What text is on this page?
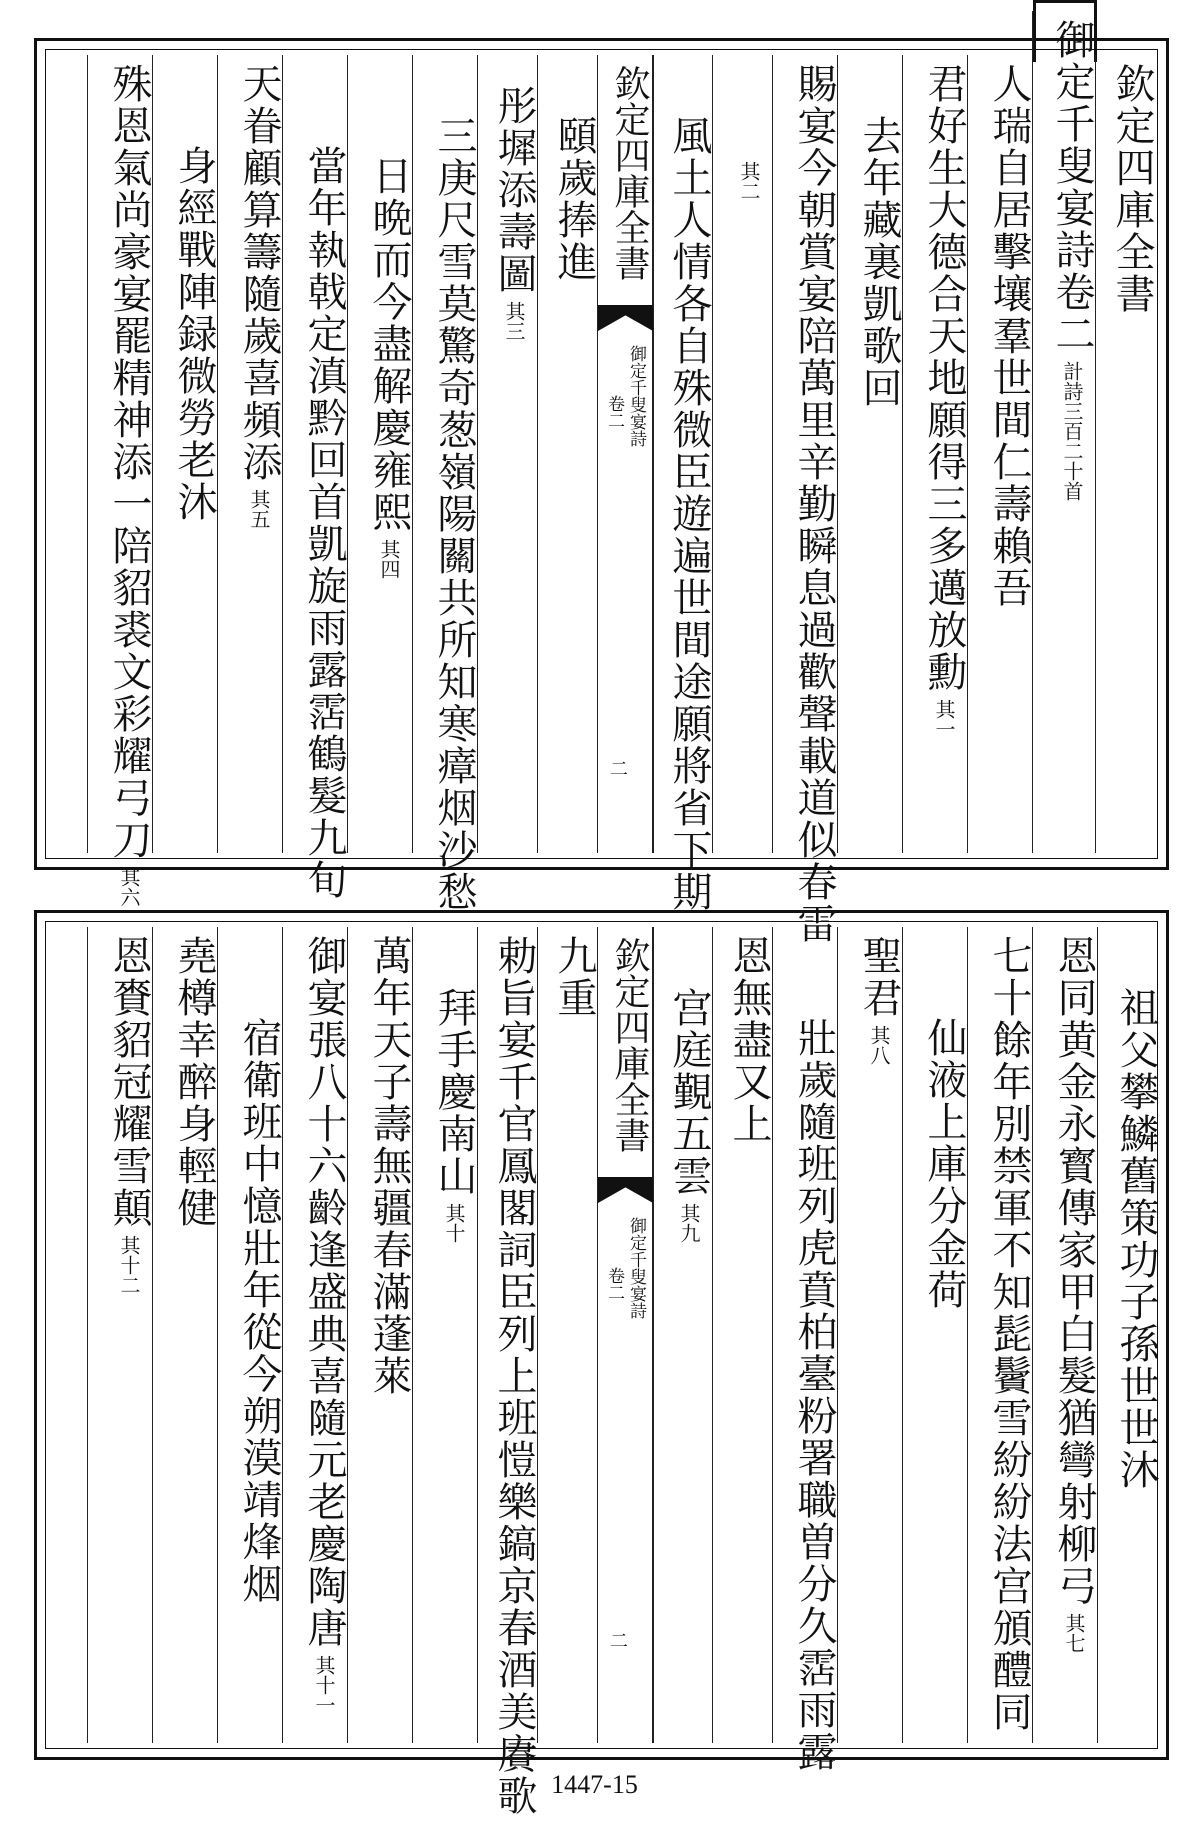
欽定四庫全書
御定千叟宴詩卷二計詩三百二十首
人瑞自居擊壤羣世間仁壽賴吾
君好生大德合天地願得三多邁放勳其一
去年藏裏凱歌回
賜宴今朝賞宴陪萬里辛勤瞬息過歡聲載道似春雷
其二
風土人情各自殊微臣遊遍世間途願將省下期
欽定四庫全書
御定千叟宴詩
卷二
二
頤歲捧進
彤墀添壽圖其三
三庚尺雪莫驚奇葱嶺陽關共所知寒瘴烟沙愁
日晩而今盡解慶雍熙其四
當年執戟定滇黔回首凱旋雨露霑鶴髮九旬
天眷顧算籌隨歲喜頻添其五
身經戰陣録微勞老沐
殊恩氣尚豪宴罷精神添一陪貂裘文彩耀弓刀其六
祖父攀鱗舊策功子孫世世沐
恩同黄金永寳傳家甲白髮猶彎射柳弓其七
七十餘年別禁軍不知髭鬢雪紛紛法宫頒醴同
仙液上庫分金荷
聖君其八
壯歲隨班列虎賁柏臺粉署職曽分久霑雨露
恩無盡又上
宫庭覲五雲其九
欽定四庫全書
御定千叟宴詩
卷二
二
九重
勅旨宴千官鳳閣詞臣列上班愷樂鎬京春酒美賡歌
拜手慶南山其十
萬年天子壽無疆春滿蓬萊
御宴張八十六齡逢盛典喜隨元老慶陶唐其十一
宿衛班中憶壯年從今朔漠靖烽烟
堯樽幸醉身輕健
恩賚貂冠耀雪顛其十二
1447-15
